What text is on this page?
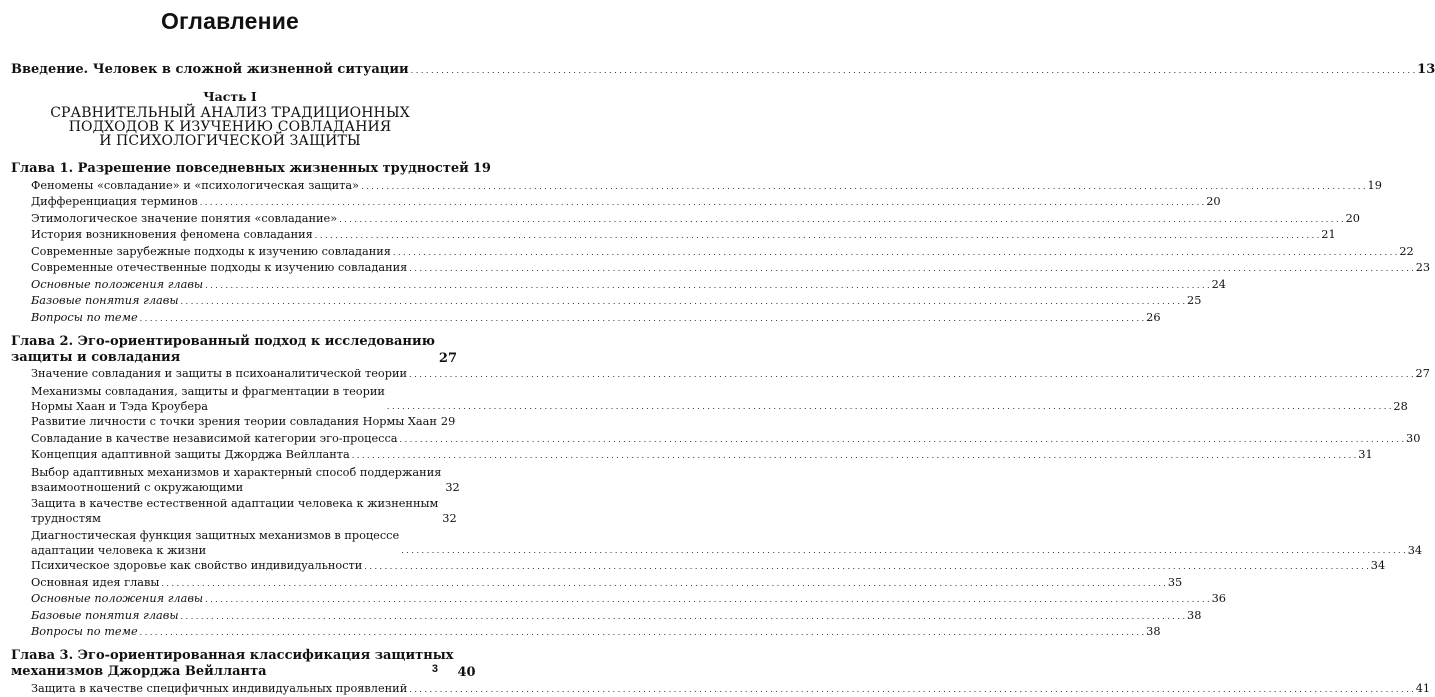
Оглавление
Введение. Человек в сложной жизненной ситуации . . .	13
Часть I
СРАВНИТЕЛЬНЫЙ АНАЛИЗ ТРАДИЦИОННЫХ
ПОДХОДОВ К ИЗУЧЕНИЮ СОВЛАДАНИЯ
И ПСИХОЛОГИЧЕСКОЙ ЗАЩИТЫ
Глава 1. Разрешение повседневных жизненных трудностей 19
Феномены «совладание» и «психологическая защита» . . .	19
Дифференциация терминов . . .	20
Этимологическое значение понятия «совладание» . . .	20
История возникновения феномена совладания . . .	21
Современные зарубежные подходы к изучению совладания . . .	22
Современные отечественные подходы к изучению совладания . . .	23
Основные положения главы . . .	24
Базовые понятия главы . . .	25
Вопросы по теме . . .	26
Глава 2. Эго-ориентированный подход к исследованию
защиты и совладания	27
Значение совладания и защиты в психоаналитической теории . . .	27
Механизмы совладания, защиты и фрагментации в теории
Нормы Хаан и Тэда Кроубера . . .	28
Развитие личности с точки зрения теории совладания Нормы Хаан 29
Совладание в качестве независимой категории эго-процесса . . .	30
Концепция адаптивной защиты Джорджа Вейлланта . . .	31
Выбор адаптивных механизмов и характерный способ поддержания
взаимоотношений с окружающими	32
Защита в качестве естественной адаптации человека к жизненным
трудностям	32
Диагностическая функция защитных механизмов в процессе
адаптации человека к жизни . . .	34
Психическое здоровье как свойство индивидуальности . . .	34
Основная идея главы . . .	35
Основные положения главы . . .	36
Базовые понятия главы . . .	38
Вопросы по теме . . .	38
Глава 3. Эго-ориентированная классификация защитных
механизмов Джорджа Вейлланта	40
Защита в качестве специфичных индивидуальных проявлений . . .	41
3
